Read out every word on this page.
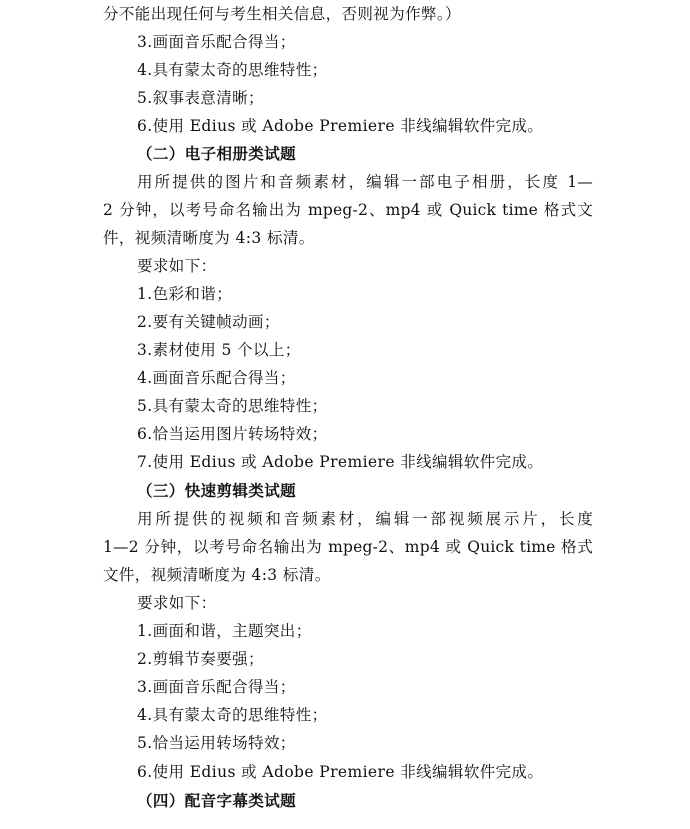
分不能出现任何与考生相关信息，否则视为作弊。）
3.画面音乐配合得当；
4.具有蒙太奇的思维特性；
5.叙事表意清晰；
6.使用 Edius 或 Adobe Premiere 非线编辑软件完成。
（二）电子相册类试题
用所提供的图片和音频素材，编辑一部电子相册，长度 1—
2 分钟，以考号命名输出为 mpeg-2、mp4 或 Quick time 格式文
件，视频清晰度为 4:3 标清。
要求如下：
1.色彩和谐；
2.要有关键帧动画；
3.素材使用 5 个以上；
4.画面音乐配合得当；
5.具有蒙太奇的思维特性；
6.恰当运用图片转场特效；
7.使用 Edius 或 Adobe Premiere 非线编辑软件完成。
（三）快速剪辑类试题
用所提供的视频和音频素材，编辑一部视频展示片，长度
1—2 分钟，以考号命名输出为 mpeg-2、mp4 或 Quick time 格式
文件，视频清晰度为 4:3 标清。
要求如下：
1.画面和谐，主题突出；
2.剪辑节奏要强；
3.画面音乐配合得当；
4.具有蒙太奇的思维特性；
5.恰当运用转场特效；
6.使用 Edius 或 Adobe Premiere 非线编辑软件完成。
（四）配音字幕类试题
